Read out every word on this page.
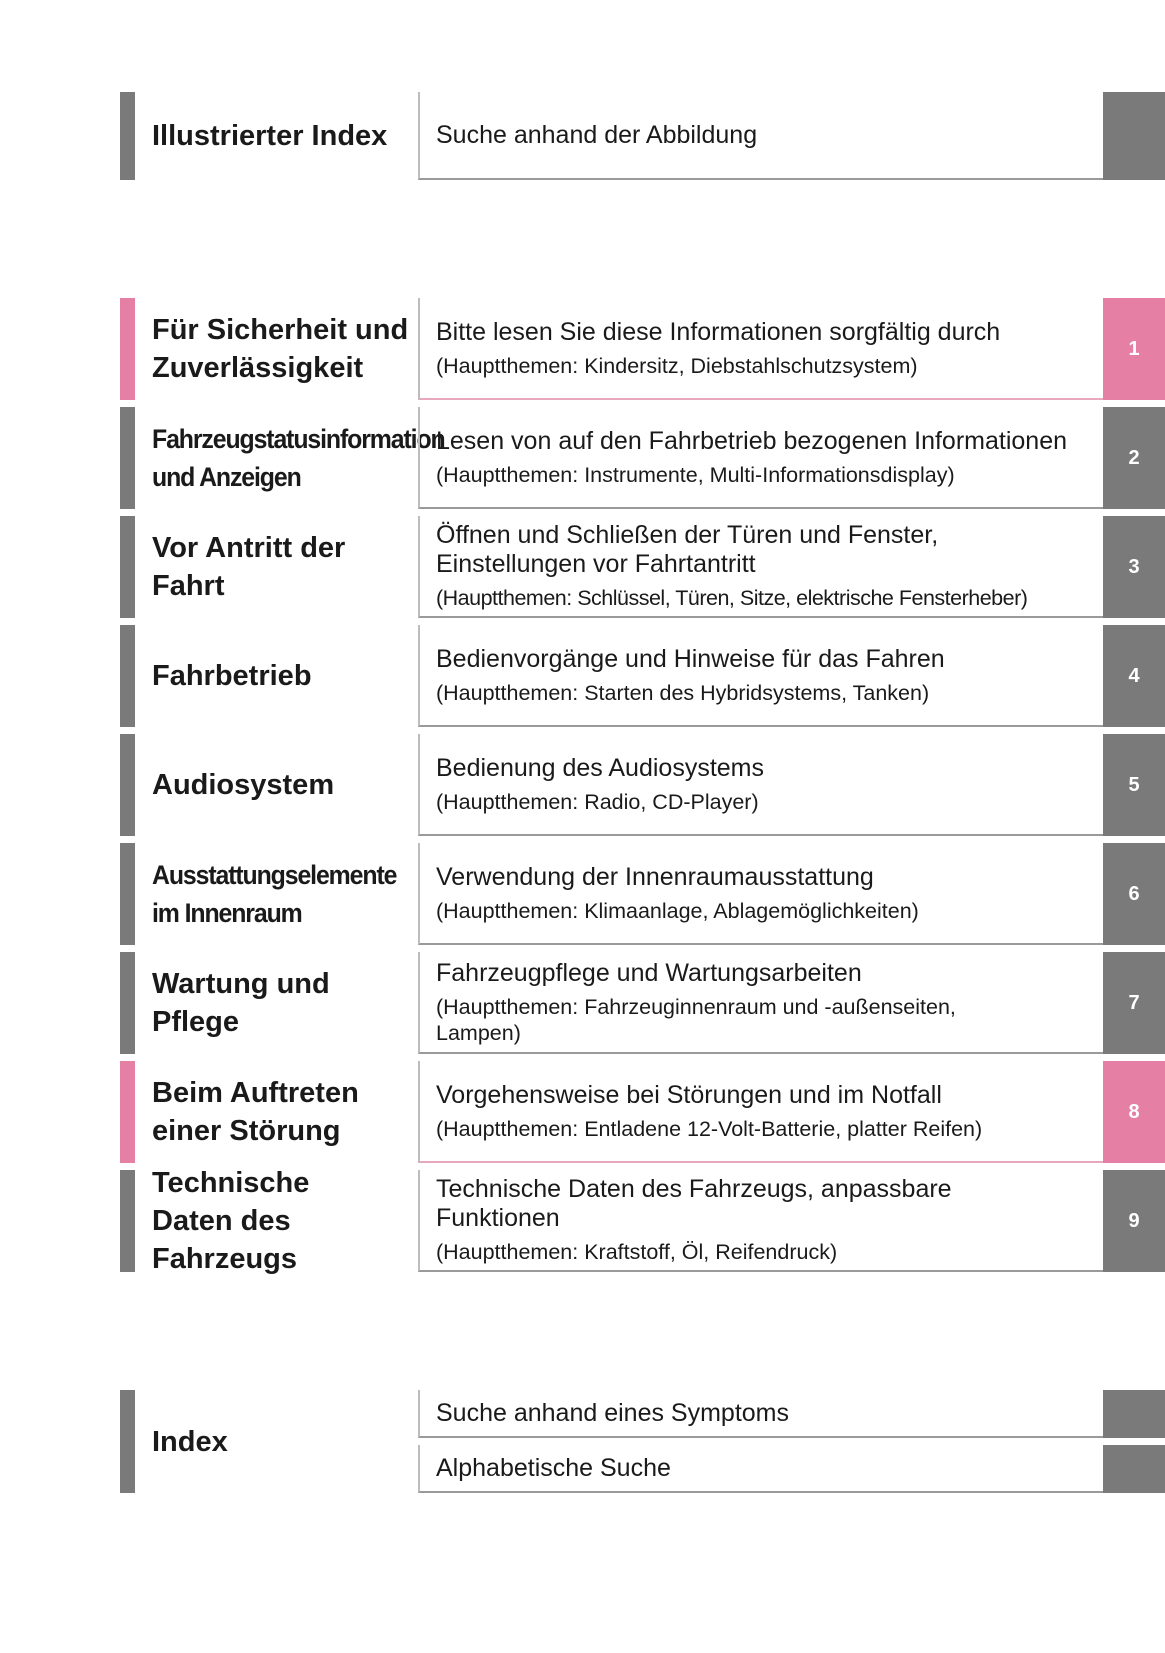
Illustrierter Index	Suche anhand der Abbildung
Für Sicherheit und Zuverlässigkeit
Bitte lesen Sie diese Informationen sorgfältig durch
(Hauptthemen: Kindersitz, Diebstahlschutzsystem)
1
Fahrzeugstatusinformation und Anzeigen
Lesen von auf den Fahrbetrieb bezogenen Informationen
(Hauptthemen: Instrumente, Multi-Informationsdisplay)
2
Vor Antritt der Fahrt
Öffnen und Schließen der Türen und Fenster, Einstellungen vor Fahrtantritt
(Hauptthemen: Schlüssel, Türen, Sitze, elektrische Fensterheber)
3
Fahrbetrieb
Bedienvorgänge und Hinweise für das Fahren
(Hauptthemen: Starten des Hybridsystems, Tanken)
4
Audiosystem
Bedienung des Audiosystems
(Hauptthemen: Radio, CD-Player)
5
Ausstattungselemente im Innenraum
Verwendung der Innenraumausstattung
(Hauptthemen: Klimaanlage, Ablagemöglichkeiten)
6
Wartung und Pflege
Fahrzeugpflege und Wartungsarbeiten
(Hauptthemen: Fahrzeuginnenraum und -außenseiten, Lampen)
7
Beim Auftreten einer Störung
Vorgehensweise bei Störungen und im Notfall
(Hauptthemen: Entladene 12-Volt-Batterie, platter Reifen)
8
Technische Daten des Fahrzeugs
Technische Daten des Fahrzeugs, anpassbare Funktionen
(Hauptthemen: Kraftstoff, Öl, Reifendruck)
9
Index
Suche anhand eines Symptoms
Alphabetische Suche
